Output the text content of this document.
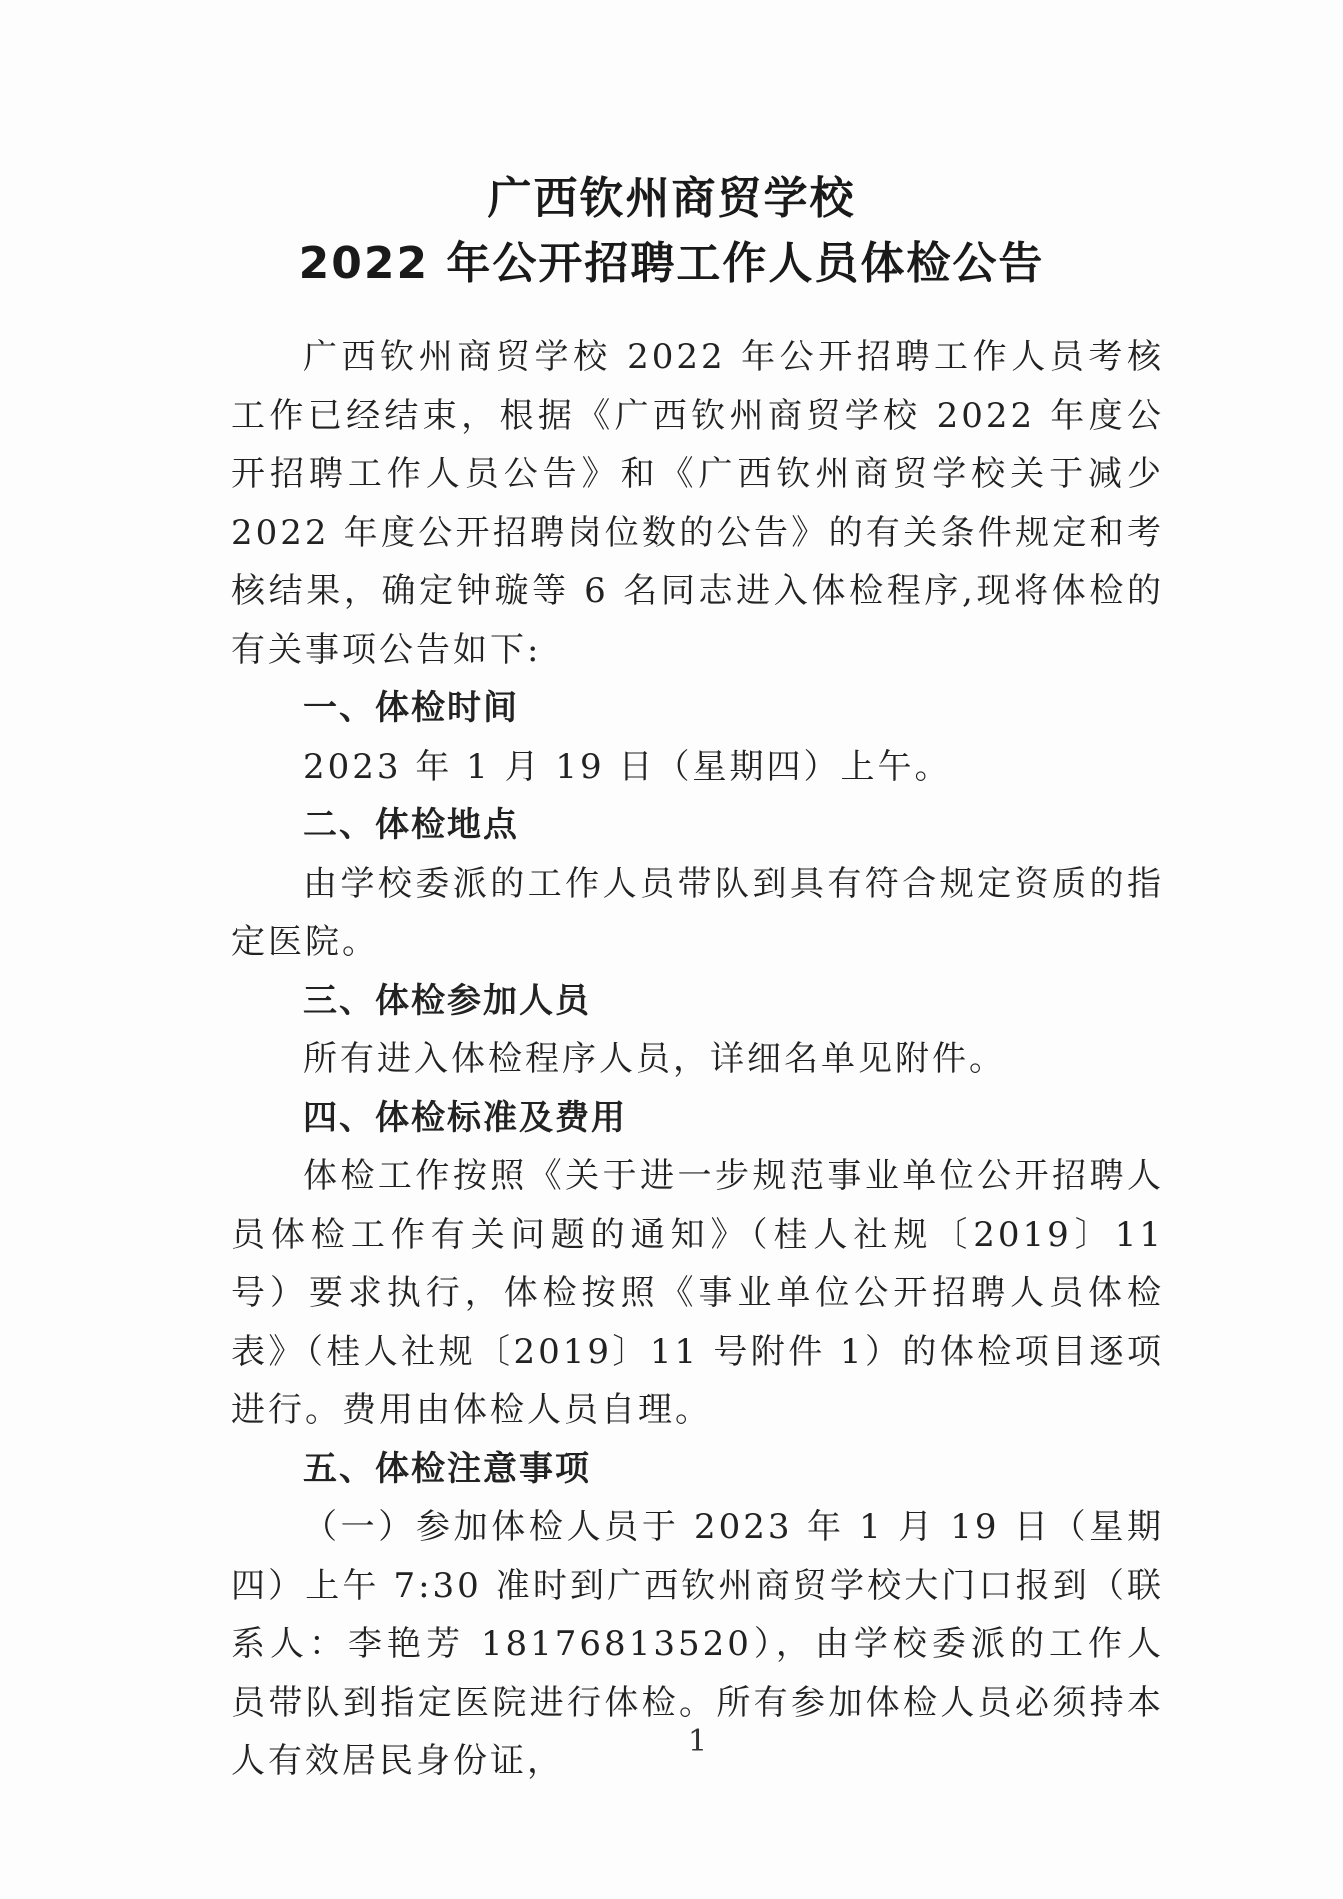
广西钦州商贸学校
2022 年公开招聘工作人员体检公告

广西钦州商贸学校 2022 年公开招聘工作人员考核工作已经结束，根据《广西钦州商贸学校 2022 年度公开招聘工作人员公告》和《广西钦州商贸学校关于减少 2022 年度公开招聘岗位数的公告》的有关条件规定和考核结果，确定钟璇等 6 名同志进入体检程序,现将体检的有关事项公告如下:

一、体检时间

2023 年 1 月 19 日（星期四）上午。

二、体检地点

由学校委派的工作人员带队到具有符合规定资质的指定医院。

三、体检参加人员

所有进入体检程序人员，详细名单见附件。

四、体检标准及费用

体检工作按照《关于进一步规范事业单位公开招聘人员体检工作有关问题的通知》（桂人社规〔2019〕11 号）要求执行，体检按照《事业单位公开招聘人员体检表》（桂人社规〔2019〕11 号附件 1）的体检项目逐项进行。费用由体检人员自理。

五、体检注意事项

（一）参加体检人员于 2023 年 1 月 19 日（星期四）上午 7:30 准时到广西钦州商贸学校大门口报到（联系人：李艳芳 18176813520），由学校委派的工作人员带队到指定医院进行体检。所有参加体检人员必须持本人有效居民身份证，	1
